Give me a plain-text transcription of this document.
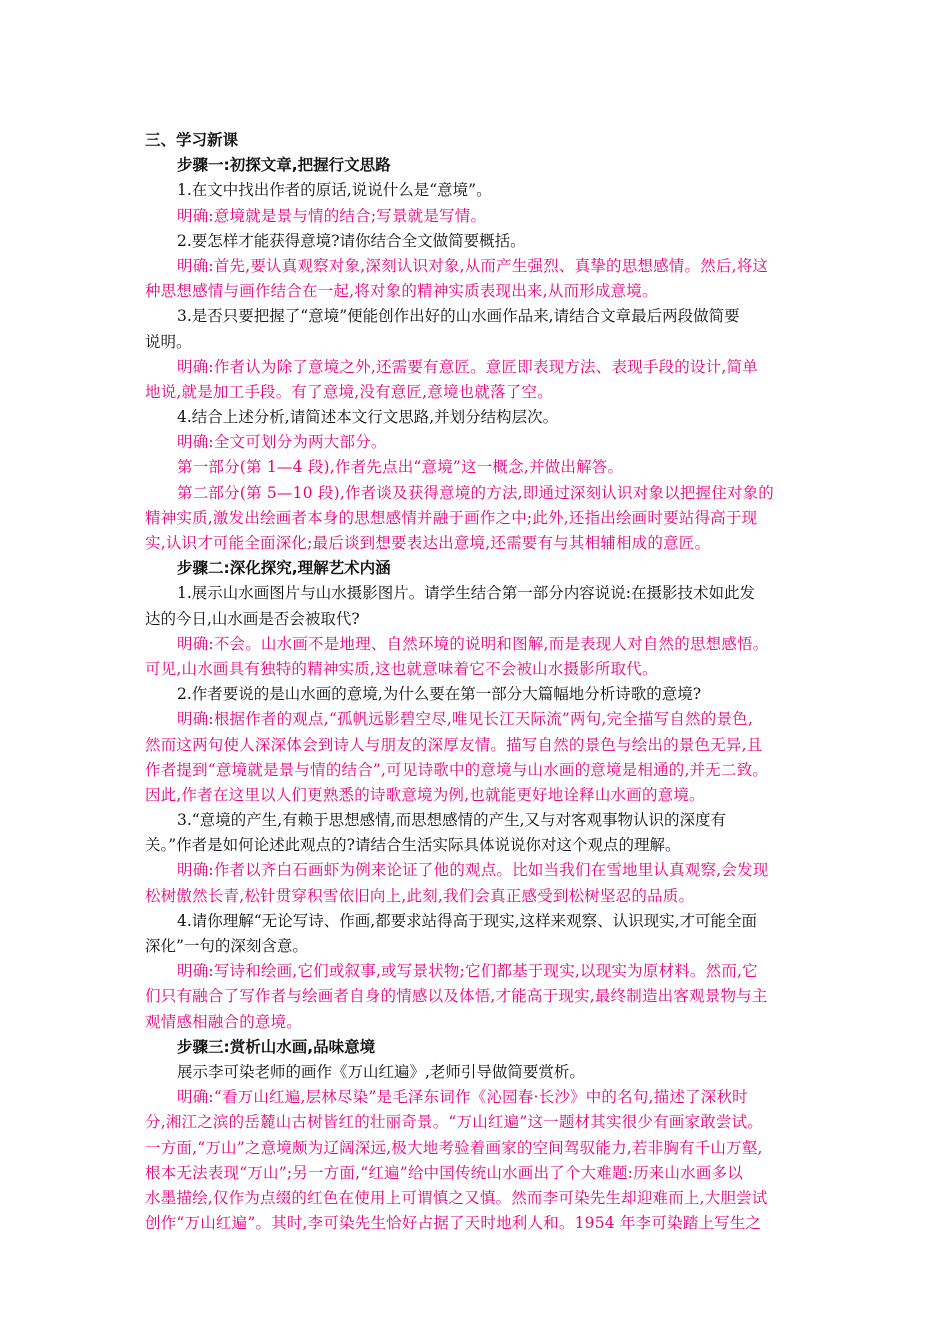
三、学习新课
步骤一:初探文章,把握行文思路
1.在文中找出作者的原话,说说什么是“意境”。
明确:意境就是景与情的结合;写景就是写情。
2.要怎样才能获得意境?请你结合全文做简要概括。
明确:首先,要认真观察对象,深刻认识对象,从而产生强烈、真挚的思想感情。然后,将这
种思想感情与画作结合在一起,将对象的精神实质表现出来,从而形成意境。
3.是否只要把握了“意境”便能创作出好的山水画作品来,请结合文章最后两段做简要
说明。
明确:作者认为除了意境之外,还需要有意匠。意匠即表现方法、表现手段的设计,简单
地说,就是加工手段。有了意境,没有意匠,意境也就落了空。
4.结合上述分析,请简述本文行文思路,并划分结构层次。
明确:全文可划分为两大部分。
第一部分(第 1—4 段),作者先点出“意境”这一概念,并做出解答。
第二部分(第 5—10 段),作者谈及获得意境的方法,即通过深刻认识对象以把握住对象的
精神实质,激发出绘画者本身的思想感情并融于画作之中;此外,还指出绘画时要站得高于现
实,认识才可能全面深化;最后谈到想要表达出意境,还需要有与其相辅相成的意匠。
步骤二:深化探究,理解艺术内涵
1.展示山水画图片与山水摄影图片。请学生结合第一部分内容说说:在摄影技术如此发
达的今日,山水画是否会被取代?
明确:不会。山水画不是地理、自然环境的说明和图解,而是表现人对自然的思想感悟。
可见,山水画具有独特的精神实质,这也就意味着它不会被山水摄影所取代。
2.作者要说的是山水画的意境,为什么要在第一部分大篇幅地分析诗歌的意境?
明确:根据作者的观点,“孤帆远影碧空尽,唯见长江天际流”两句,完全描写自然的景色,
然而这两句使人深深体会到诗人与朋友的深厚友情。描写自然的景色与绘出的景色无异,且
作者提到“意境就是景与情的结合”,可见诗歌中的意境与山水画的意境是相通的,并无二致。
因此,作者在这里以人们更熟悉的诗歌意境为例,也就能更好地诠释山水画的意境。
3.“意境的产生,有赖于思想感情,而思想感情的产生,又与对客观事物认识的深度有
关。”作者是如何论述此观点的?请结合生活实际具体说说你对这个观点的理解。
明确:作者以齐白石画虾为例来论证了他的观点。比如当我们在雪地里认真观察,会发现
松树傲然长青,松针贯穿积雪依旧向上,此刻,我们会真正感受到松树坚忍的品质。
4.请你理解“无论写诗、作画,都要求站得高于现实,这样来观察、认识现实,才可能全面
深化”一句的深刻含意。
明确:写诗和绘画,它们或叙事,或写景状物;它们都基于现实,以现实为原材料。然而,它
们只有融合了写作者与绘画者自身的情感以及体悟,才能高于现实,最终制造出客观景物与主
观情感相融合的意境。
步骤三:赏析山水画,品味意境
展示李可染老师的画作《万山红遍》,老师引导做简要赏析。
明确:“看万山红遍,层林尽染”是毛泽东词作《沁园春·长沙》中的名句,描述了深秋时
分,湘江之滨的岳麓山古树皆红的壮丽奇景。“万山红遍”这一题材其实很少有画家敢尝试。
一方面,“万山”之意境颇为辽阔深远,极大地考验着画家的空间驾驭能力,若非胸有千山万壑,
根本无法表现“万山”;另一方面,“红遍”给中国传统山水画出了个大难题:历来山水画多以
水墨描绘,仅作为点缀的红色在使用上可谓慎之又慎。然而李可染先生却迎难而上,大胆尝试
创作“万山红遍”。其时,李可染先生恰好占据了天时地利人和。1954 年李可染踏上写生之
